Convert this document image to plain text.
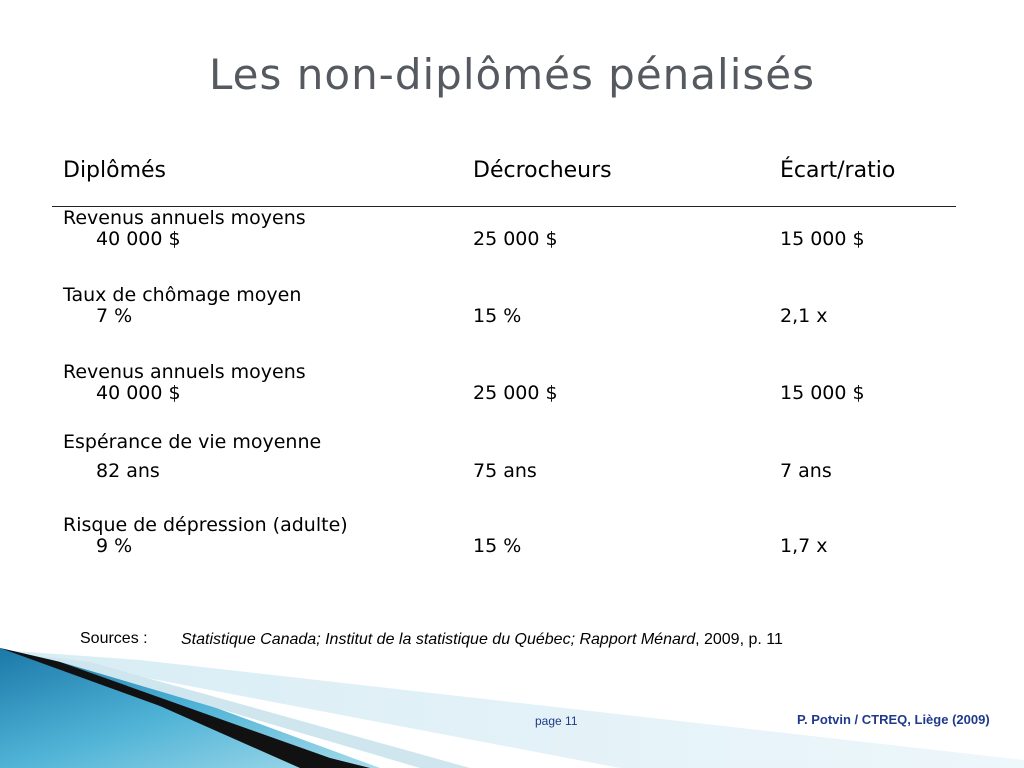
Les non-diplômés pénalisés
Diplômés	Décrocheurs	Écart/ratio
Revenus annuels moyens
40 000 $	25 000 $	15 000 $
Taux de chômage moyen
7 %	15 %	2,1 x
Revenus annuels moyens
40 000 $	25 000 $	15 000 $
Espérance de vie moyenne
82 ans	75 ans	7 ans
Risque de dépression (adulte)
9 %	15 %	1,7 x
Sources : Statistique Canada; Institut de la statistique du Québec; Rapport Ménard, 2009, p. 11
page 11	P. Potvin / CTREQ, Liège (2009)
